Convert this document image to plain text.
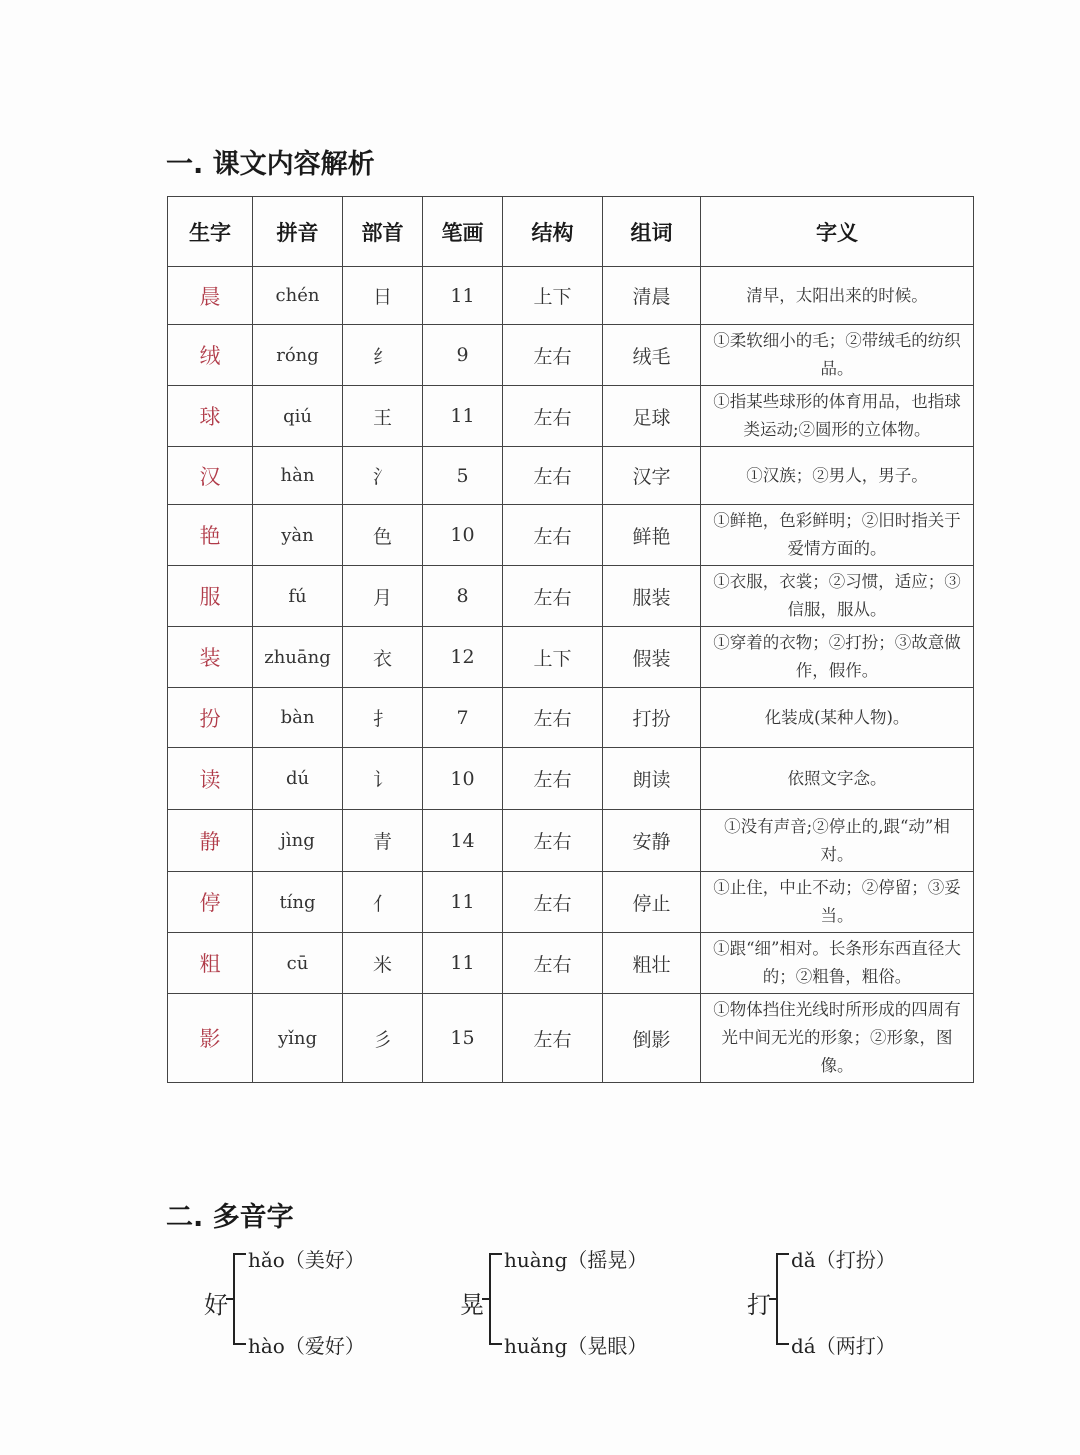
一. 课文内容解析
生字	拼音	部首	笔画	结构	组词	字义
晨	chén	日	11	上下	清晨	清早，太阳出来的时候。
绒	róng	纟	9	左右	绒毛	①柔软细小的毛；②带绒毛的纺织品。
球	qiú	王	11	左右	足球	①指某些球形的体育用品，也指球类运动;②圆形的立体物。
汉	hàn	氵	5	左右	汉字	①汉族；②男人，男子。
艳	yàn	色	10	左右	鲜艳	①鲜艳，色彩鲜明；②旧时指关于爱情方面的。
服	fú	月	8	左右	服装	①衣服，衣裳；②习惯，适应；③信服，服从。
装	zhuāng	衣	12	上下	假装	①穿着的衣物；②打扮；③故意做作，假作。
扮	bàn	扌	7	左右	打扮	化装成(某种人物)。
读	dú	讠	10	左右	朗读	依照文字念。
静	jìng	青	14	左右	安静	①没有声音;②停止的,跟“动”相对。
停	tíng	亻	11	左右	停止	①止住，中止不动；②停留；③妥当。
粗	cū	米	11	左右	粗壮	①跟“细”相对。长条形东西直径大的；②粗鲁，粗俗。
影	yǐng	彡	15	左右	倒影	①物体挡住光线时所形成的四周有光中间无光的形象；②形象，图像。
二. 多音字
好
hǎo（美好）
hào（爱好）
晃
huàng（摇晃）
huǎng（晃眼）
打
dǎ（打扮）
dá（两打）
